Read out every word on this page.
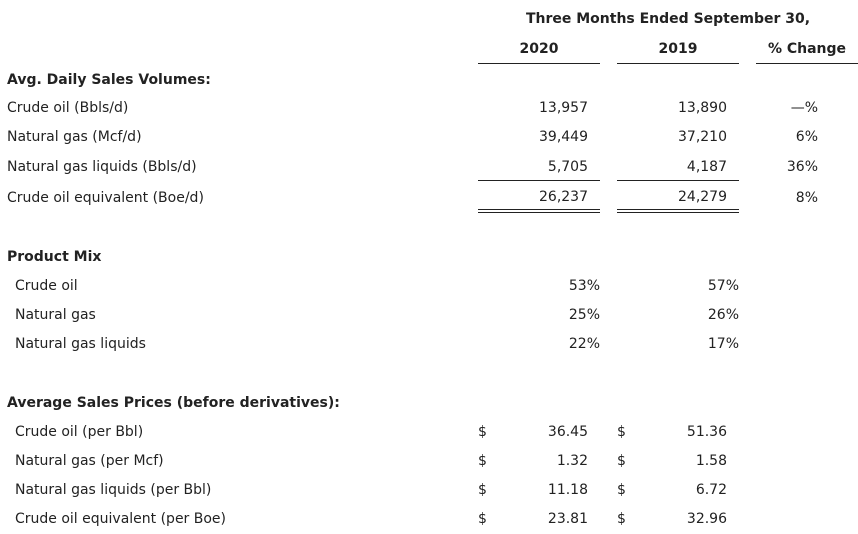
Three Months Ended September 30,
2020	2019	% Change
Avg. Daily Sales Volumes:
Crude oil (Bbls/d)	13,957	13,890	—%
Natural gas (Mcf/d)	39,449	37,210	6%
Natural gas liquids (Bbls/d)	5,705	4,187	36%
Crude oil equivalent (Boe/d)	26,237	24,279	8%
Product Mix
Crude oil	53%	57%
Natural gas	25%	26%
Natural gas liquids	22%	17%
Average Sales Prices (before derivatives):
Crude oil (per Bbl)	$	36.45 $	51.36
Natural gas (per Mcf)	$	1.32 $	1.58
Natural gas liquids (per Bbl)	$	11.18 $	6.72
Crude oil equivalent (per Boe)	$	23.81 $	32.96
